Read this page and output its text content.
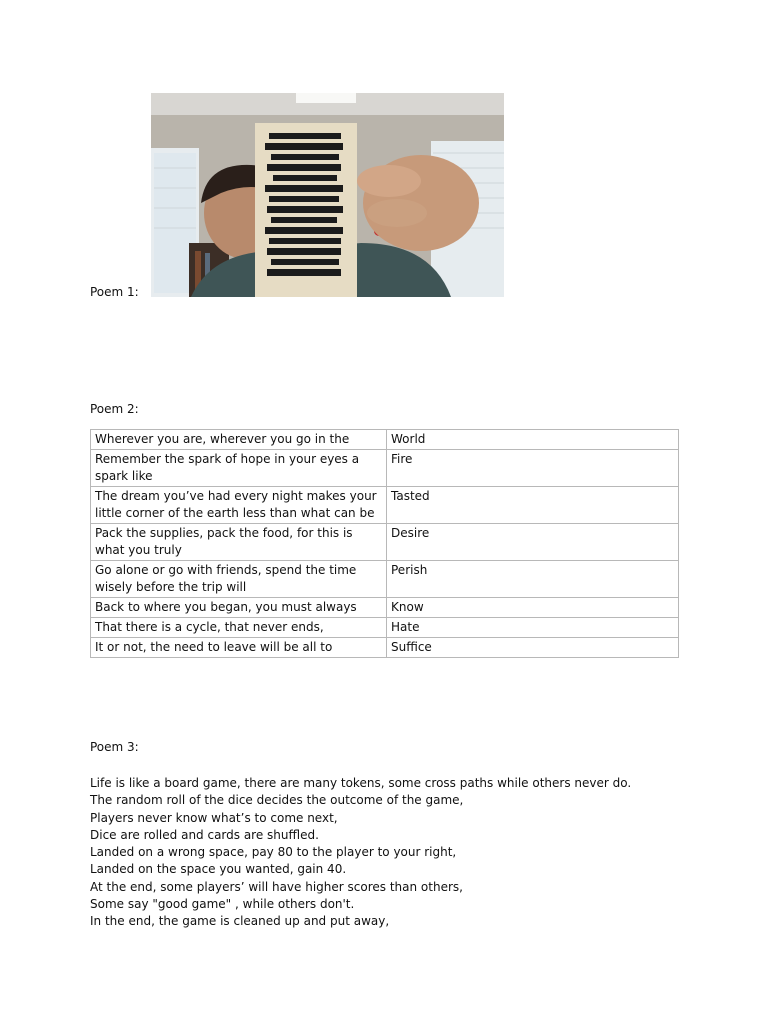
Poem 1:
Poem 2:
Wherever you are, wherever you go in the	World
Remember the spark of hope in your eyes a spark like	Fire
The dream you’ve had every night makes your little corner of the earth less than what can be	Tasted
Pack the supplies, pack the food, for this is what you truly	Desire
Go alone or go with friends, spend the time wisely before the trip will	Perish
Back to where you began, you must always	Know
That there is a cycle, that never ends,	Hate
It or not, the need to leave will be all to	Suffice
Poem 3:
Life is like a board game, there are many tokens, some cross paths while others never do.
The random roll of the dice decides the outcome of the game,
Players never know what’s to come next,
Dice are rolled and cards are shuffled.
Landed on a wrong space, pay 80 to the player to your right,
Landed on the space you wanted, gain 40.
At the end, some players’ will have higher scores than others,
Some say "good game" , while others don't.
In the end, the game is cleaned up and put away,
